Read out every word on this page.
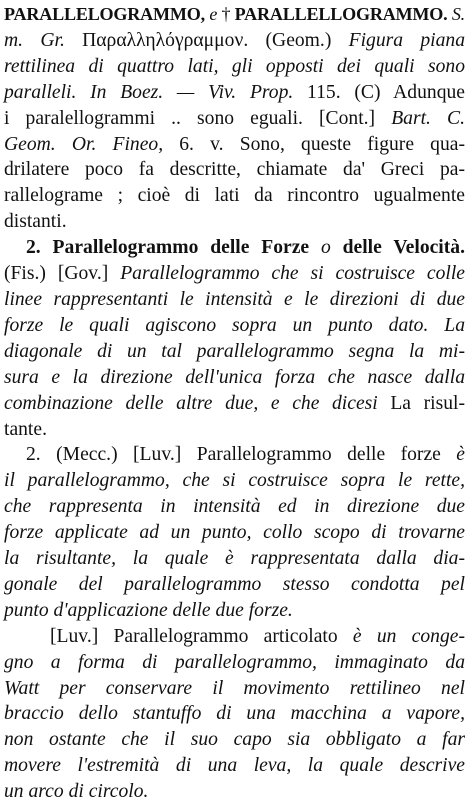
PARALLELOGRAMMO, e † PARALLELLOGRAMMO. S.
m. Gr. Παραλληλόγραμμον. (Geom.) Figura piana
rettilinea di quattro lati, gli opposti dei quali sono
paralleli. In Boez. — Viv. Prop. 115. (C) Adunque
i paralellogrammi .. sono eguali. [Cont.] Bart. C.
Geom. Or. Fineo, 6. v. Sono, queste figure qua-
drilatere poco fa descritte, chiamate da' Greci pa-
rallelograme ; cioè di lati da rincontro ugualmente
distanti.
2. Parallelogrammo delle Forze o delle Velocità.
(Fis.) [Gov.] Parallelogrammo che si costruisce colle
linee rappresentanti le intensità e le direzioni di due
forze le quali agiscono sopra un punto dato. La
diagonale di un tal parallelogrammo segna la mi-
sura e la direzione dell'unica forza che nasce dalla
combinazione delle altre due, e che dicesi La risul-
tante.
2. (Mecc.) [Luv.] Parallelogrammo delle forze è
il parallelogrammo, che si costruisce sopra le rette,
che rappresenta in intensità ed in direzione due
forze applicate ad un punto, collo scopo di trovarne
la risultante, la quale è rappresentata dalla dia-
gonale del parallelogrammo stesso condotta pel
punto d'applicazione delle due forze.
[Luv.] Parallelogrammo articolato è un conge-
gno a forma di parallelogrammo, immaginato da
Watt per conservare il movimento rettilineo nel
braccio dello stantuffo di una macchina a vapore,
non ostante che il suo capo sia obbligato a far
movere l'estremità di una leva, la quale descrive
un arco di circolo.
